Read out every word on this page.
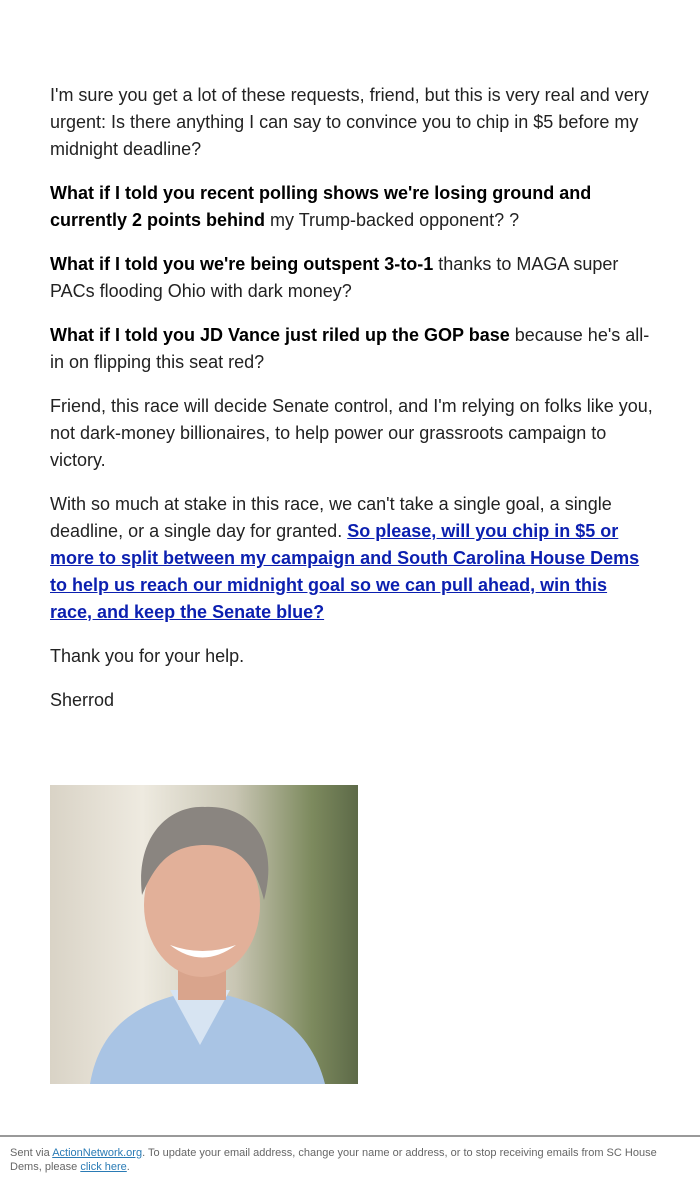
I'm sure you get a lot of these requests, friend, but this is very real and very urgent: Is there anything I can say to convince you to chip in $5 before my midnight deadline?

What if I told you recent polling shows we're losing ground and currently 2 points behind my Trump-backed opponent? ?

What if I told you we're being outspent 3-to-1 thanks to MAGA super PACs flooding Ohio with dark money?

What if I told you JD Vance just riled up the GOP base because he's all-in on flipping this seat red?

Friend, this race will decide Senate control, and I'm relying on folks like you, not dark-money billionaires, to help power our grassroots campaign to victory.

With so much at stake in this race, we can't take a single goal, a single deadline, or a single day for granted. So please, will you chip in $5 or more to split between my campaign and South Carolina House Dems to help us reach our midnight goal so we can pull ahead, win this race, and keep the Senate blue?

Thank you for your help.

Sherrod

Sent via ActionNetwork.org. To update your email address, change your name or address, or to stop receiving emails from SC House Dems, please click here.
